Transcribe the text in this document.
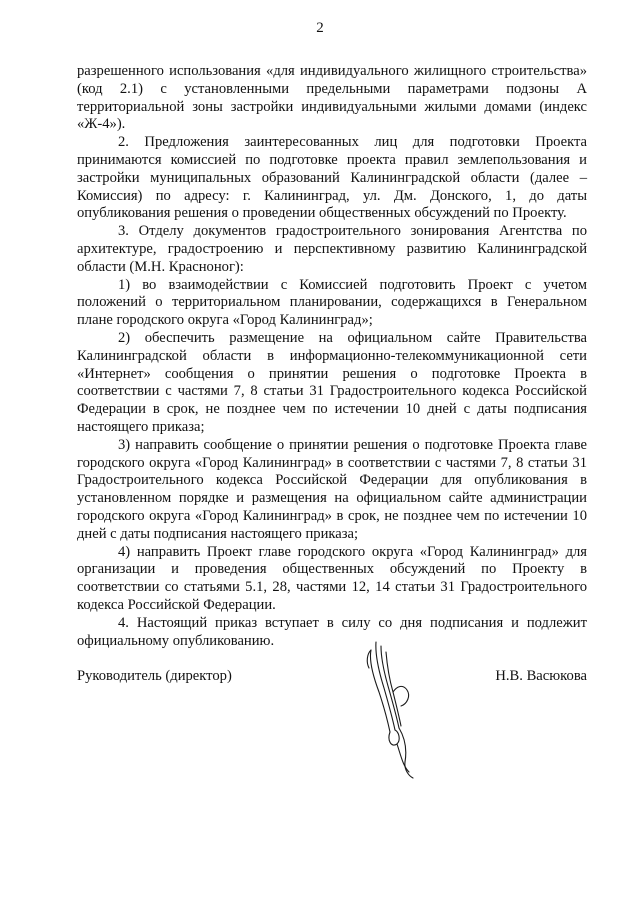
2

разрешенного использования «для индивидуального жилищного строительства» (код 2.1) с установленными предельными параметрами подзоны А территориальной зоны застройки индивидуальными жилыми домами (индекс «Ж-4»).

2. Предложения заинтересованных лиц для подготовки Проекта принимаются комиссией по подготовке проекта правил землепользования и застройки муниципальных образований Калининградской области (далее – Комиссия) по адресу: г. Калининград, ул. Дм. Донского, 1, до даты опубликования решения о проведении общественных обсуждений по Проекту.

3. Отделу документов градостроительного зонирования Агентства по архитектуре, градостроению и перспективному развитию Калининградской области (М.Н. Красноног):

1) во взаимодействии с Комиссией подготовить Проект с учетом положений о территориальном планировании, содержащихся в Генеральном плане городского округа «Город Калининград»;

2) обеспечить размещение на официальном сайте Правительства Калининградской области в информационно-телекоммуникационной сети «Интернет» сообщения о принятии решения о подготовке Проекта в соответствии с частями 7, 8 статьи 31 Градостроительного кодекса Российской Федерации в срок, не позднее чем по истечении 10 дней с даты подписания настоящего приказа;

3) направить сообщение о принятии решения о подготовке Проекта главе городского округа «Город Калининград» в соответствии с частями 7, 8 статьи 31 Градостроительного кодекса Российской Федерации для опубликования в установленном порядке и размещения на официальном сайте администрации городского округа «Город Калининград» в срок, не позднее чем по истечении 10 дней с даты подписания настоящего приказа;

4) направить Проект главе городского округа «Город Калининград» для организации и проведения общественных обсуждений по Проекту в соответствии со статьями 5.1, 28, частями 12, 14 статьи 31 Градостроительного кодекса Российской Федерации.

4. Настоящий приказ вступает в силу со дня подписания и подлежит официальному опубликованию.

Руководитель (директор)	Н.В. Васюкова
